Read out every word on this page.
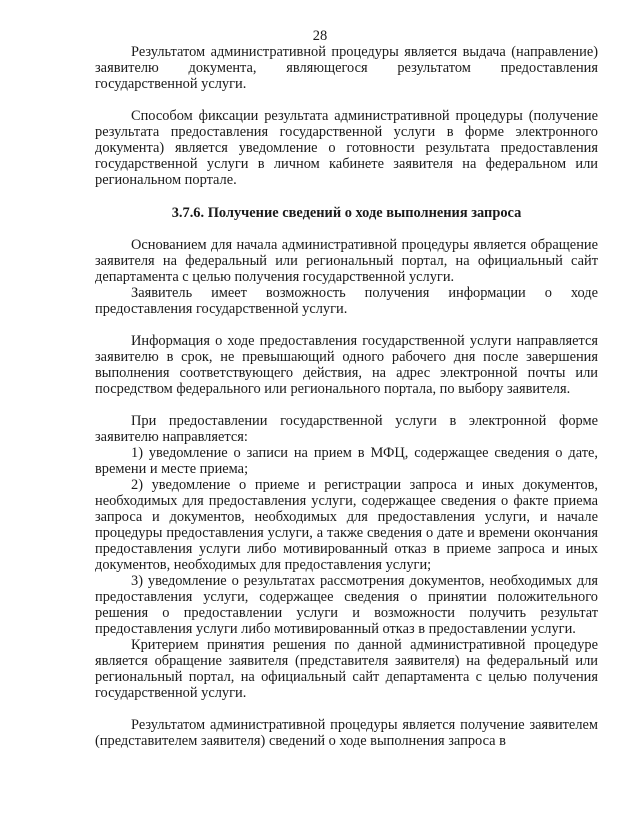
28

Результатом административной процедуры является выдача (направление) заявителю документа, являющегося результатом предоставления государственной услуги.

Способом фиксации результата административной процедуры (получение результата предоставления государственной услуги в форме электронного документа) является уведомление о готовности результата предоставления государственной услуги в личном кабинете заявителя на федеральном или региональном портале.

3.7.6. Получение сведений о ходе выполнения запроса

Основанием для начала административной процедуры является обращение заявителя на федеральный или региональный портал, на официальный сайт департамента с целью получения государственной услуги.

Заявитель имеет возможность получения информации о ходе предоставления государственной услуги.

Информация о ходе предоставления государственной услуги направляется заявителю в срок, не превышающий одного рабочего дня после завершения выполнения соответствующего действия, на адрес электронной почты или посредством федерального или регионального портала, по выбору заявителя.

При предоставлении государственной услуги в электронной форме заявителю направляется:

1) уведомление о записи на прием в МФЦ, содержащее сведения о дате, времени и месте приема;

2) уведомление о приеме и регистрации запроса и иных документов, необходимых для предоставления услуги, содержащее сведения о факте приема запроса и документов, необходимых для предоставления услуги, и начале процедуры предоставления услуги, а также сведения о дате и времени окончания предоставления услуги либо мотивированный отказ в приеме запроса и иных документов, необходимых для предоставления услуги;

3) уведомление о результатах рассмотрения документов, необходимых для предоставления услуги, содержащее сведения о принятии положительного решения о предоставлении услуги и возможности получить результат предоставления услуги либо мотивированный отказ в предоставлении услуги.

Критерием принятия решения по данной административной процедуре является обращение заявителя (представителя заявителя) на федеральный или региональный портал, на официальный сайт департамента с целью получения государственной услуги.

Результатом административной процедуры является получение заявителем (представителем заявителя) сведений о ходе выполнения запроса в
